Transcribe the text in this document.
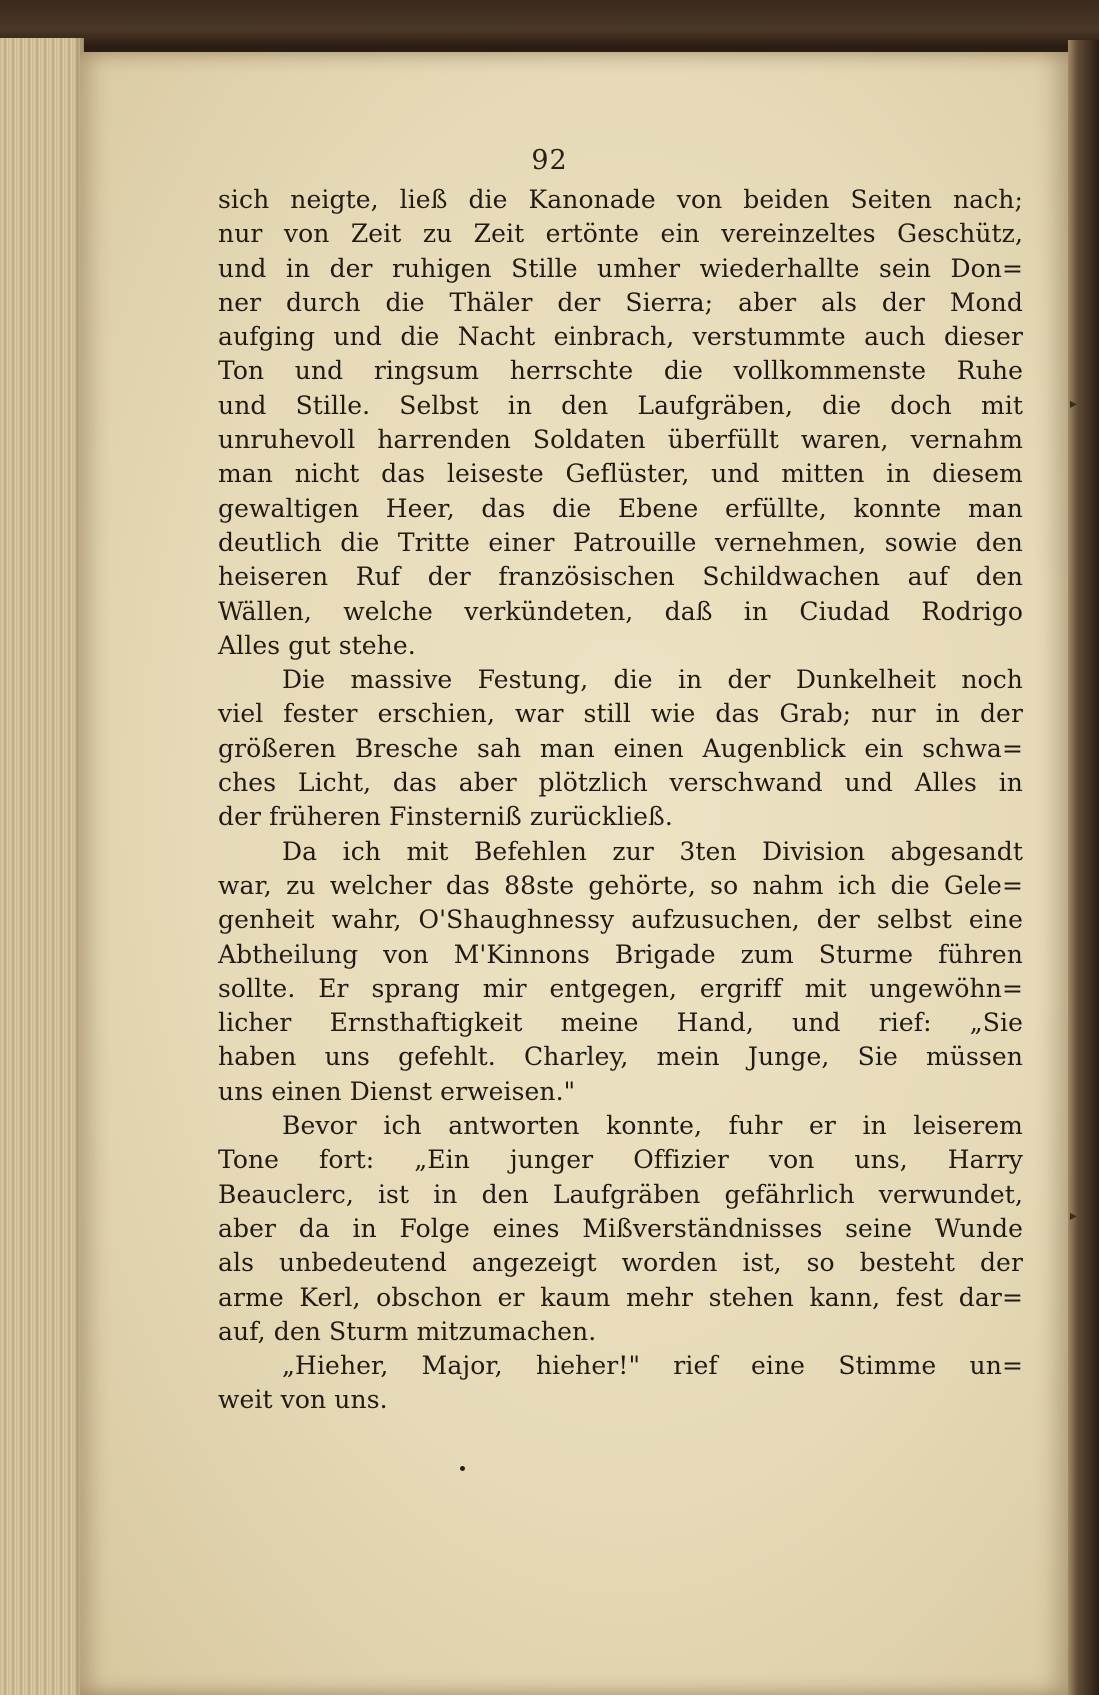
92
sich neigte, ließ die Kanonade von beiden Seiten nach;
nur von Zeit zu Zeit ertönte ein vereinzeltes Geschütz,
und in der ruhigen Stille umher wiederhallte sein Don=
ner durch die Thäler der Sierra; aber als der Mond
aufging und die Nacht einbrach, verstummte auch dieser
Ton und ringsum herrschte die vollkommenste Ruhe
und Stille. Selbst in den Laufgräben, die doch mit
unruhevoll harrenden Soldaten überfüllt waren, vernahm
man nicht das leiseste Geflüster, und mitten in diesem
gewaltigen Heer, das die Ebene erfüllte, konnte man
deutlich die Tritte einer Patrouille vernehmen, sowie den
heiseren Ruf der französischen Schildwachen auf den
Wällen, welche verkündeten, daß in Ciudad Rodrigo
Alles gut stehe.
Die massive Festung, die in der Dunkelheit noch
viel fester erschien, war still wie das Grab; nur in der
größeren Bresche sah man einen Augenblick ein schwa=
ches Licht, das aber plötzlich verschwand und Alles in
der früheren Finsterniß zurückließ.
Da ich mit Befehlen zur 3ten Division abgesandt
war, zu welcher das 88ste gehörte, so nahm ich die Gele=
genheit wahr, O'Shaughnessy aufzusuchen, der selbst eine
Abtheilung von M'Kinnons Brigade zum Sturme führen
sollte. Er sprang mir entgegen, ergriff mit ungewöhn=
licher Ernsthaftigkeit meine Hand, und rief: „Sie
haben uns gefehlt. Charley, mein Junge, Sie müssen
uns einen Dienst erweisen."
Bevor ich antworten konnte, fuhr er in leiserem
Tone fort: „Ein junger Offizier von uns, Harry
Beauclerc, ist in den Laufgräben gefährlich verwundet,
aber da in Folge eines Mißverständnisses seine Wunde
als unbedeutend angezeigt worden ist, so besteht der
arme Kerl, obschon er kaum mehr stehen kann, fest dar=
auf, den Sturm mitzumachen.
„Hieher, Major, hieher!" rief eine Stimme un=
weit von uns.
▸
▸
